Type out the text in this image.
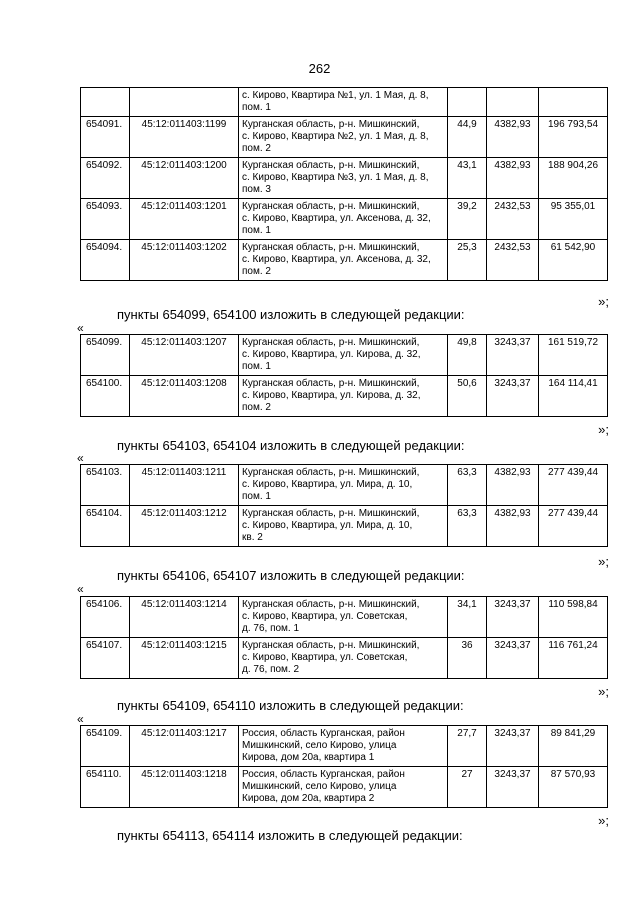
262

		с. Кирово, Квартира №1, ул. 1 Мая, д. 8,
пом. 1			

654091.	45:12:011403:1199	Курганская область, р-н. Мишкинский,
с. Кирово, Квартира №2, ул. 1 Мая, д. 8,
пом. 2	44,9	4382,93	196 793,54
654092.	45:12:011403:1200	Курганская область, р-н. Мишкинский,
с. Кирово, Квартира №3, ул. 1 Мая, д. 8,
пом. 3	43,1	4382,93	188 904,26
654093.	45:12:011403:1201	Курганская область, р-н. Мишкинский,
с. Кирово, Квартира, ул. Аксенова, д. 32,
пом. 1	39,2	2432,53	95 355,01
654094.	45:12:011403:1202	Курганская область, р-н. Мишкинский,
с. Кирово, Квартира, ул. Аксенова, д. 32,
пом. 2	25,3	2432,53	61 542,90
»;
пункты 654099, 654100 изложить в следующей редакции:
«
654099.	45:12:011403:1207	Курганская область, р-н. Мишкинский,
с. Кирово, Квартира, ул. Кирова, д. 32,
пом. 1	49,8	3243,37	161 519,72
654100.	45:12:011403:1208	Курганская область, р-н. Мишкинский,
с. Кирово, Квартира, ул. Кирова, д. 32,
пом. 2	50,6	3243,37	164 114,41
»;
пункты 654103, 654104 изложить в следующей редакции:
«
654103.	45:12:011403:1211	Курганская область, р-н. Мишкинский,
с. Кирово, Квартира, ул. Мира, д. 10,
пом. 1	63,3	4382,93	277 439,44
654104.	45:12:011403:1212	Курганская область, р-н. Мишкинский,
с. Кирово, Квартира, ул. Мира, д. 10,
кв. 2	63,3	4382,93	277 439,44
»;
пункты 654106, 654107 изложить в следующей редакции:
«
654106.	45:12:011403:1214	Курганская область, р-н. Мишкинский,
с. Кирово, Квартира, ул. Советская,
д. 76, пом. 1	34,1	3243,37	110 598,84
654107.	45:12:011403:1215	Курганская область, р-н. Мишкинский,
с. Кирово, Квартира, ул. Советская,
д. 76, пом. 2	36	3243,37	116 761,24
»;
пункты 654109, 654110 изложить в следующей редакции:
«
654109.	45:12:011403:1217	Россия, область Курганская, район
Мишкинский, село Кирово, улица
Кирова, дом 20а, квартира 1	27,7	3243,37	89 841,29
654110.	45:12:011403:1218	Россия, область Курганская, район
Мишкинский, село Кирово, улица
Кирова, дом 20а, квартира 2	27	3243,37	87 570,93
»;
пункты 654113, 654114 изложить в следующей редакции:
